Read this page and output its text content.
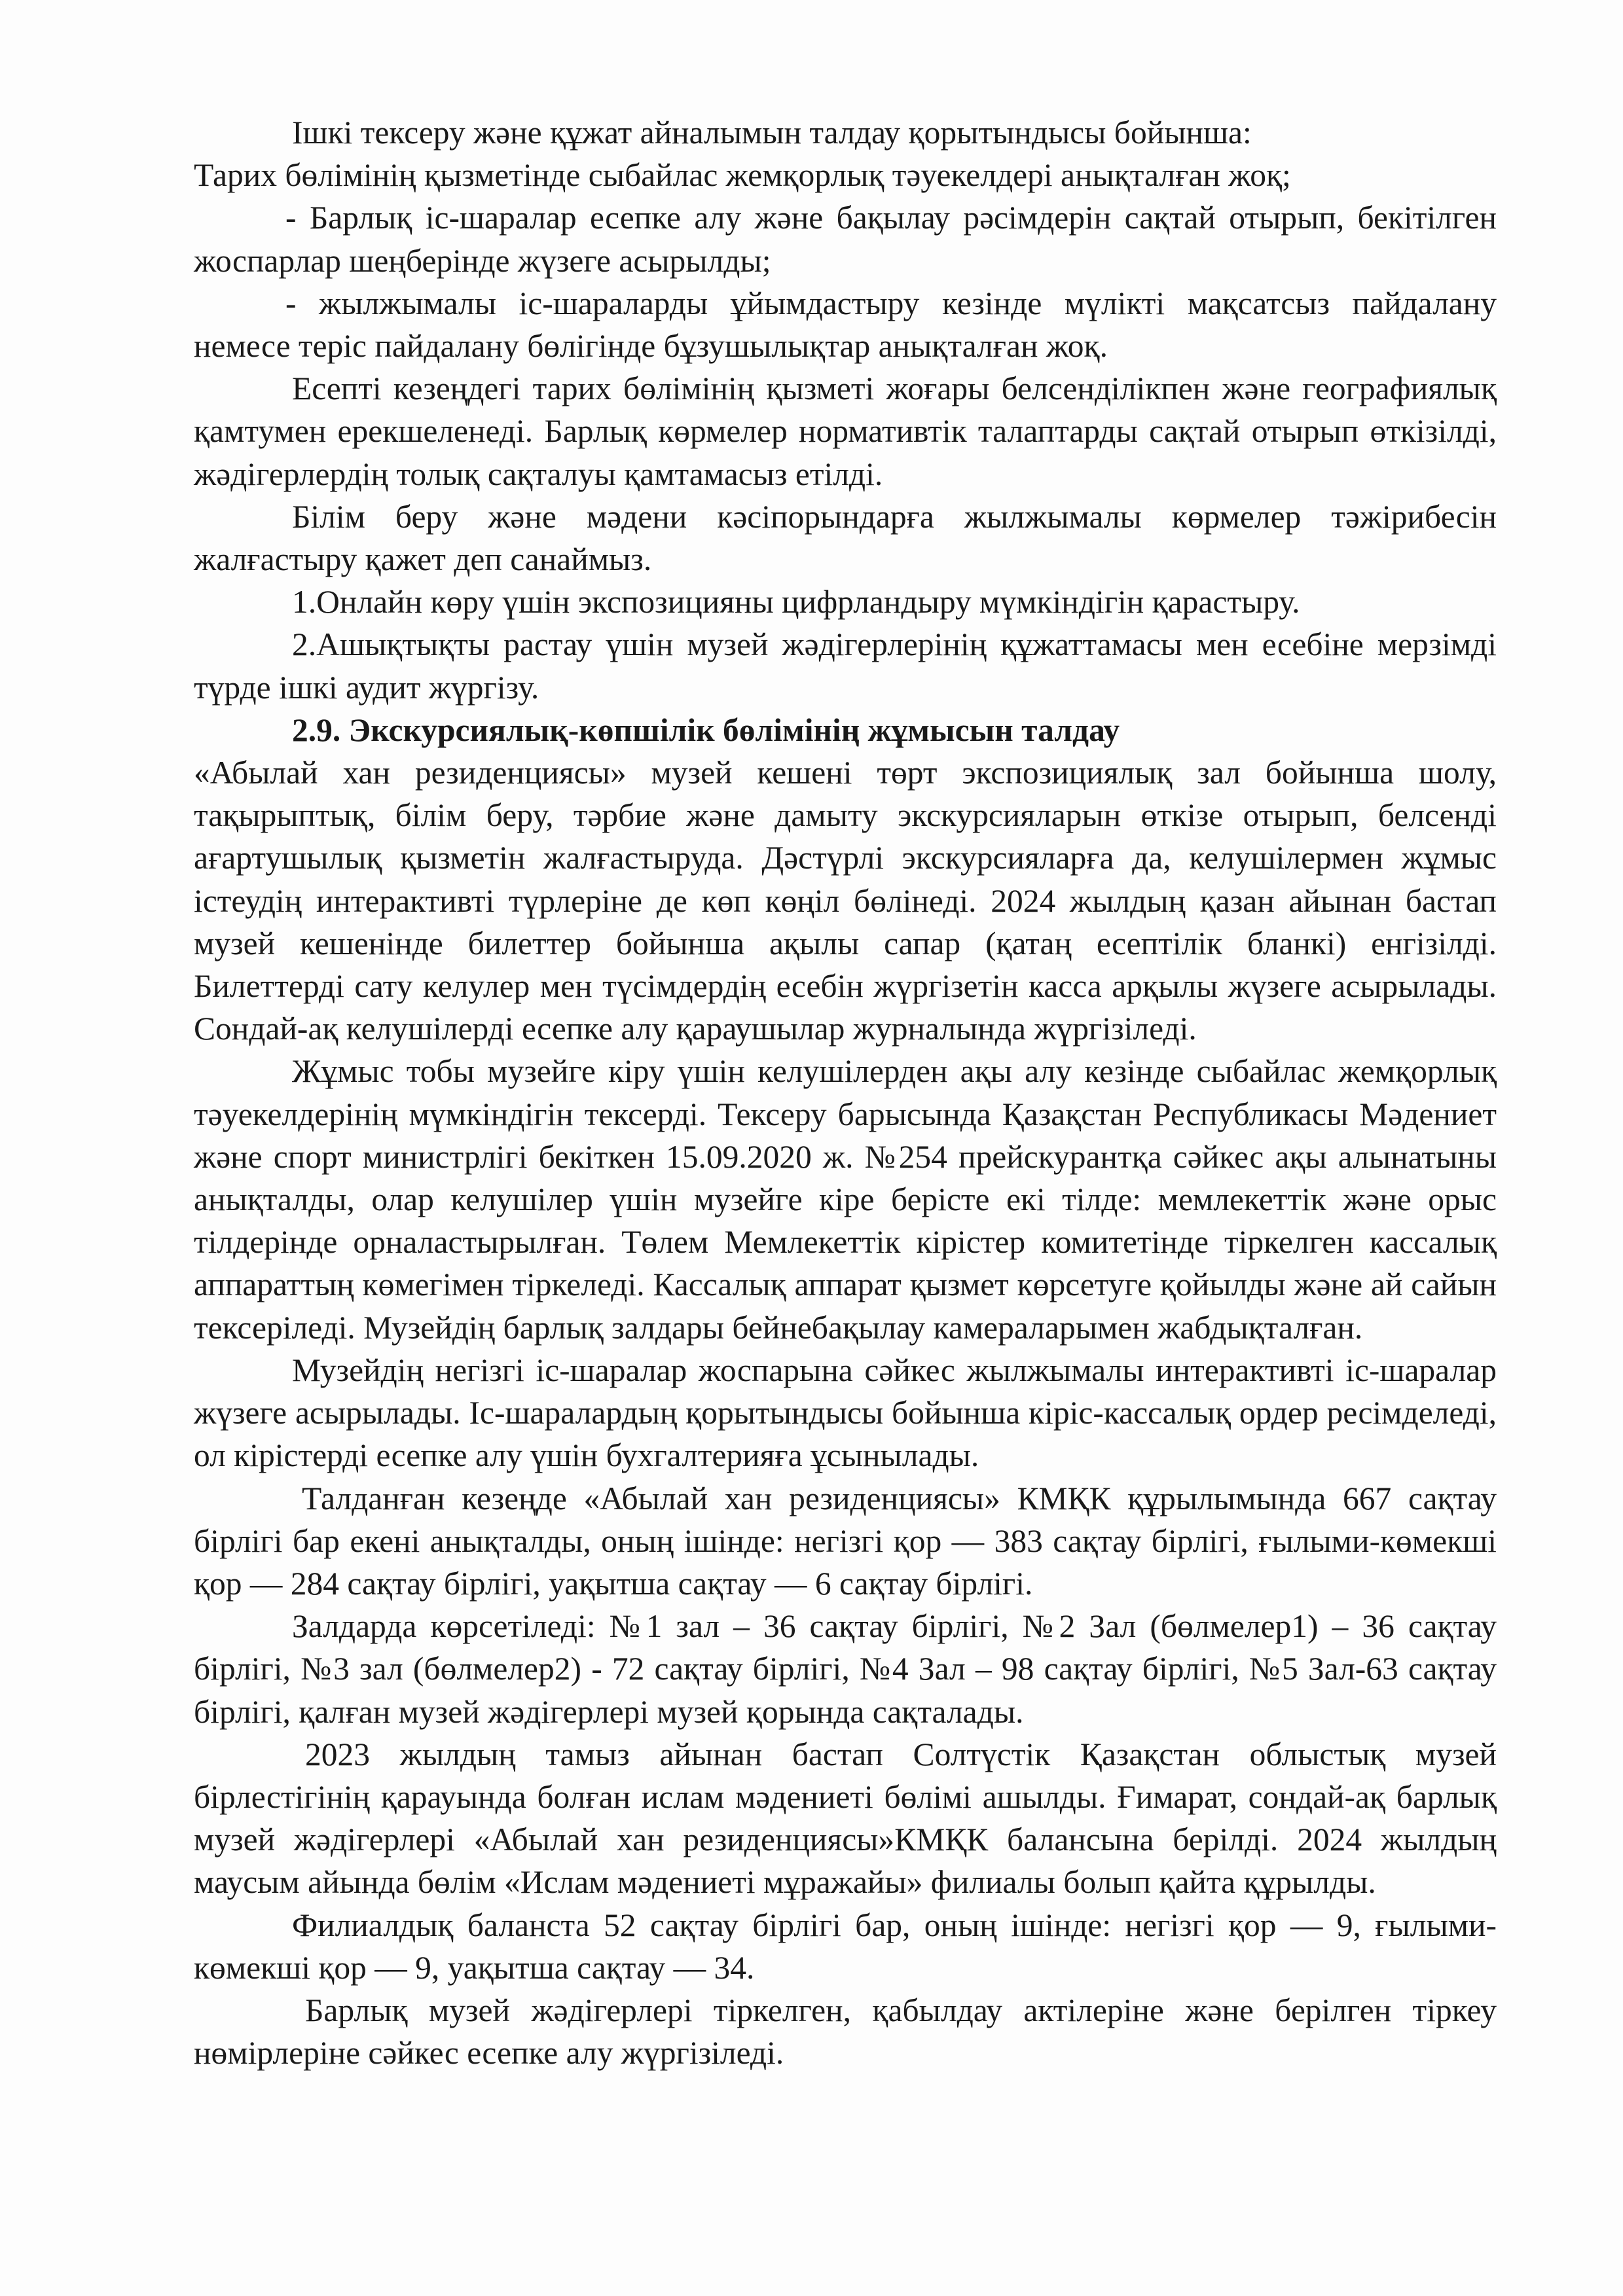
Ішкі тексеру және құжат айналымын талдау қорытындысы бойынша:

Тарих бөлімінің қызметінде сыбайлас жемқорлық тәуекелдері анықталған жоқ;

- Барлық іс-шаралар есепке алу және бақылау рәсімдерін сақтай отырып, бекітілген жоспарлар шеңберінде жүзеге асырылды;

- жылжымалы іс-шараларды ұйымдастыру кезінде мүлікті мақсатсыз пайдалану немесе теріс пайдалану бөлігінде бұзушылықтар анықталған жоқ.

Есепті кезеңдегі тарих бөлімінің қызметі жоғары белсенділікпен және географиялық қамтумен ерекшеленеді. Барлық көрмелер нормативтік талаптарды сақтай отырып өткізілді, жәдігерлердің толық сақталуы қамтамасыз етілді.

Білім беру және мәдени кәсіпорындарға жылжымалы көрмелер тәжірибесін жалғастыру қажет деп санаймыз.

1.Онлайн көру үшін экспозицияны цифрландыру мүмкіндігін қарастыру.

2.Ашықтықты растау үшін музей жәдігерлерінің құжаттамасы мен есебіне мерзімді түрде ішкі аудит жүргізу.

2.9. Экскурсиялық-көпшілік бөлімінің жұмысын талдау

«Абылай хан резиденциясы» музей кешені төрт экспозициялық зал бойынша шолу, тақырыптық, білім беру, тәрбие және дамыту экскурсияларын өткізе отырып, белсенді ағартушылық қызметін жалғастыруда. Дәстүрлі экскурсияларға да, келушілермен жұмыс істеудің интерактивті түрлеріне де көп көңіл бөлінеді. 2024 жылдың қазан айынан бастап музей кешенінде билеттер бойынша ақылы сапар (қатаң есептілік бланкі) енгізілді. Билеттерді сату келулер мен түсімдердің есебін жүргізетін касса арқылы жүзеге асырылады. Сондай-ақ келушілерді есепке алу қараушылар журналында жүргізіледі.

Жұмыс тобы музейге кіру үшін келушілерден ақы алу кезінде сыбайлас жемқорлық тәуекелдерінің мүмкіндігін тексерді. Тексеру барысында Қазақстан Республикасы Мәдениет және спорт министрлігі бекіткен 15.09.2020 ж. №254 прейскурантқа сәйкес ақы алынатыны анықталды, олар келушілер үшін музейге кіре берісте екі тілде: мемлекеттік және орыс тілдерінде орналастырылған. Төлем Мемлекеттік кірістер комитетінде тіркелген кассалық аппараттың көмегімен тіркеледі. Кассалық аппарат қызмет көрсетуге қойылды және ай сайын тексеріледі. Музейдің барлық залдары бейнебақылау камераларымен жабдықталған.

Музейдің негізгі іс-шаралар жоспарына сәйкес жылжымалы интерактивті іс-шаралар жүзеге асырылады. Іс-шаралардың қорытындысы бойынша кіріс-кассалық ордер ресімделеді, ол кірістерді есепке алу үшін бухгалтерияға ұсынылады.

Талданған кезеңде «Абылай хан резиденциясы» КМҚК құрылымында 667 сақтау бірлігі бар екені анықталды, оның ішінде: негізгі қор — 383 сақтау бірлігі, ғылыми-көмекші қор — 284 сақтау бірлігі, уақытша сақтау — 6 сақтау бірлігі.

Залдарда көрсетіледі: №1 зал – 36 сақтау бірлігі, №2 Зал (бөлмелер1) – 36 сақтау бірлігі, №3 зал (бөлмелер2) - 72 сақтау бірлігі, №4 Зал – 98 сақтау бірлігі, №5 Зал-63 сақтау бірлігі, қалған музей жәдігерлері музей қорында сақталады.

2023 жылдың тамыз айынан бастап Солтүстік Қазақстан облыстық музей бірлестігінің қарауында болған ислам мәдениеті бөлімі ашылды. Ғимарат, сондай-ақ барлық музей жәдігерлері «Абылай хан резиденциясы»КМҚК балансына берілді. 2024 жылдың маусым айында бөлім «Ислам мәдениеті мұражайы» филиалы болып қайта құрылды.

Филиалдық баланста 52 сақтау бірлігі бар, оның ішінде: негізгі қор — 9, ғылыми-көмекші қор — 9, уақытша сақтау — 34.

Барлық музей жәдігерлері тіркелген, қабылдау актілеріне және берілген тіркеу нөмірлеріне сәйкес есепке алу жүргізіледі.
